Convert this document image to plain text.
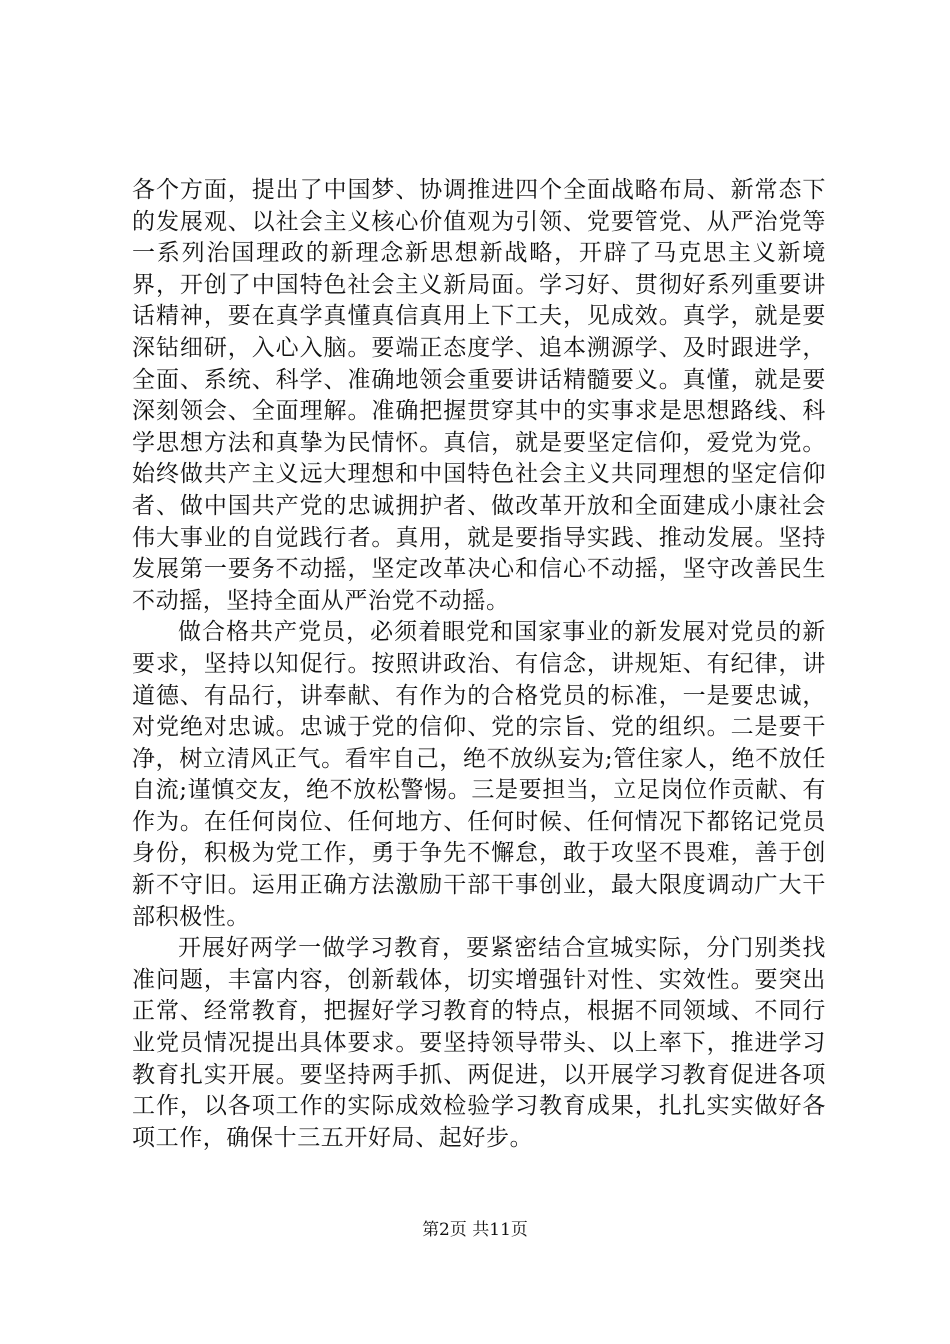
各个方面，提出了中国梦、协调推进四个全面战略布局、新常态下的发展观、以社会主义核心价值观为引领、党要管党、从严治党等一系列治国理政的新理念新思想新战略，开辟了马克思主义新境界，开创了中国特色社会主义新局面。学习好、贯彻好系列重要讲话精神，要在真学真懂真信真用上下工夫，见成效。真学，就是要深钻细研，入心入脑。要端正态度学、追本溯源学、及时跟进学，全面、系统、科学、准确地领会重要讲话精髓要义。真懂，就是要深刻领会、全面理解。准确把握贯穿其中的实事求是思想路线、科学思想方法和真挚为民情怀。真信，就是要坚定信仰，爱党为党。始终做共产主义远大理想和中国特色社会主义共同理想的坚定信仰者、做中国共产党的忠诚拥护者、做改革开放和全面建成小康社会伟大事业的自觉践行者。真用，就是要指导实践、推动发展。坚持发展第一要务不动摇，坚定改革决心和信心不动摇，坚守改善民生不动摇，坚持全面从严治党不动摇。

做合格共产党员，必须着眼党和国家事业的新发展对党员的新要求，坚持以知促行。按照讲政治、有信念，讲规矩、有纪律，讲道德、有品行，讲奉献、有作为的合格党员的标准，一是要忠诚，对党绝对忠诚。忠诚于党的信仰、党的宗旨、党的组织。二是要干净，树立清风正气。看牢自己，绝不放纵妄为;管住家人，绝不放任自流;谨慎交友，绝不放松警惕。三是要担当，立足岗位作贡献、有作为。在任何岗位、任何地方、任何时候、任何情况下都铭记党员身份，积极为党工作，勇于争先不懈怠，敢于攻坚不畏难，善于创新不守旧。运用正确方法激励干部干事创业，最大限度调动广大干部积极性。

开展好两学一做学习教育，要紧密结合宣城实际，分门别类找准问题，丰富内容，创新载体，切实增强针对性、实效性。要突出正常、经常教育，把握好学习教育的特点，根据不同领域、不同行业党员情况提出具体要求。要坚持领导带头、以上率下，推进学习教育扎实开展。要坚持两手抓、两促进，以开展学习教育促进各项工作，以各项工作的实际成效检验学习教育成果，扎扎实实做好各项工作，确保十三五开好局、起好步。

第2页 共11页
